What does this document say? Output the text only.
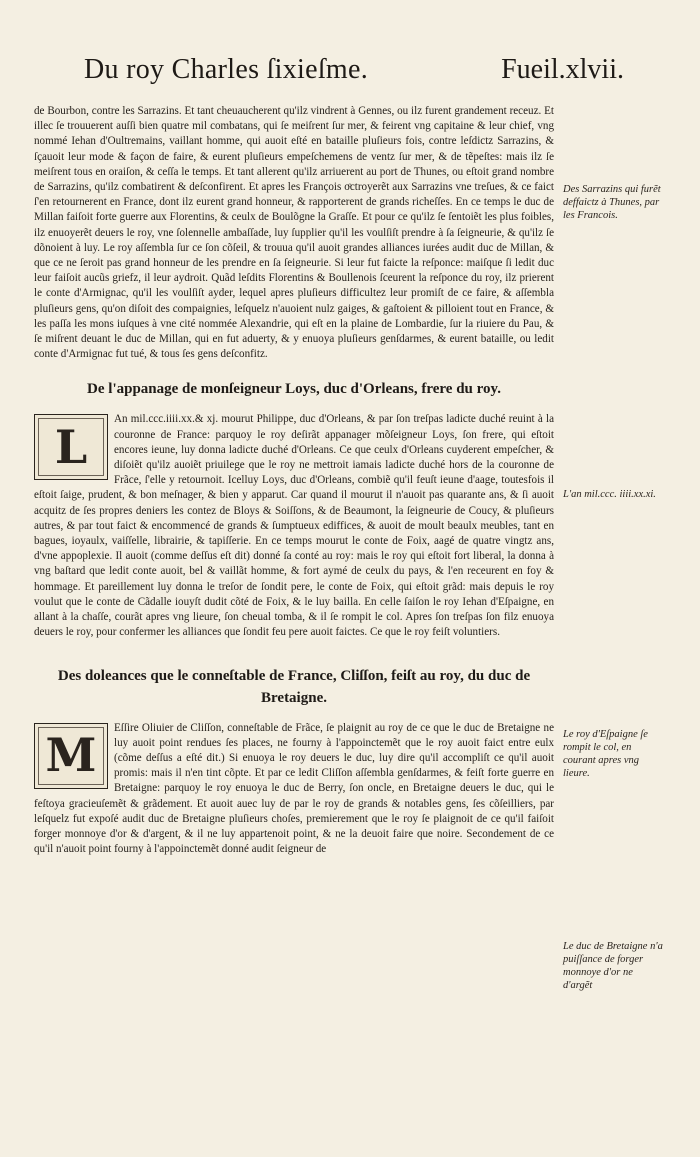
Du roy Charles ſixieſme.	Fueil.xlvii.

de Bourbon, contre les Sarrazins. Et tant cheuaucherent qu'ilz vindrent à Gennes, ou ilz furent grandement receuz. Et illec ſe trouuerent auſſi bien quatre mil combatans, qui ſe meiſrent ſur mer, & feirent vng capitaine & leur chief, vng nommé Iehan d'Oultremains, vaillant homme, qui auoit eſté en bataille pluſieurs fois, contre leſdictz Sarrazins, & ſçauoit leur mode & façon de faire, & eurent pluſieurs empeſchemens de ventz ſur mer, & de tẽpeſtes: mais ilz ſe meiſrent tous en oraiſon, & ceſſa le temps. Et tant allerent qu'ilz arriuerent au port de Thunes, ou eſtoit grand nombre de Sarrazins, qu'ilz combatirent & deſconfirent. Et apres les François oͦctroyerẽt aux Sarrazins vne treſues, & ce faict ſ'en retournerent en France, dont ilz eurent grand honneur, & rapporterent de grands richeſſes. En ce temps le duc de Millan faiſoit forte guerre aux Florentins, & ceulx de Boulõgne la Graſſe. Et pour ce qu'ilz ſe ſentoiẽt les plus foibles, ilz enuoyerẽt deuers le roy, vne ſolennelle ambaſſade, luy ſupplier qu'il les voulſiſt prendre à ſa ſeigneurie, & qu'ilz ſe dõnoient à luy. Le roy aſſembla ſur ce ſon cõſeil, & trouua qu'il auoit grandes alliances iurées audit duc de Millan, & que ce ne ſeroit pas grand honneur de les prendre en ſa ſeigneurie. Si leur fut faicte la reſponce: maiſque ſi ledit duc leur faiſoit aucũs griefz, il leur aydroit. Quãd leſdits Florentins & Boullenois ſceurent la reſponce du roy, ilz prierent le conte d'Armignac, qu'il les voulſiſt ayder, lequel apres pluſieurs difficultez leur promiſt de ce faire, & aſſembla pluſieurs gens, qu'on diſoit des compaignies, leſquelz n'auoient nulz gaiges, & gaſtoient & pilloient tout en France, & les paſſa les mons iuſques à vne cité nommée Alexandrie, qui eſt en la plaine de Lombardie, ſur la riuiere du Pau, & ſe miſrent deuant le duc de Millan, qui en fut aduerty, & y enuoya pluſieurs genſdarmes, & eurent bataille, ou ledit conte d'Armignac fut tué, & tous ſes gens deſconfitz.

De l'appanage de monſeigneur Loys, duc d'Orleans, frere du roy.
L

An mil.ccc.iiii.xx.& xj. mourut Philippe, duc d'Orleans, & par ſon treſpas ladicte duché reuint à la couronne de France: parquoy le roy deſirãt appanager mõſeigneur Loys, ſon frere, qui eſtoit encores ieune, luy donna ladicte duché d'Orleans. Ce que ceulx d'Orleans cuyderent empeſcher, & diſoiẽt qu'ilz auoiẽt priuilege que le roy ne mettroit iamais ladicte duché hors de la couronne de Frãce, ſ'elle y retournoit. Icelluy Loys, duc d'Orleans, combiẽ qu'il feuſt ieune d'aage, toutesfois il eſtoit ſaige, prudent, & bon meſnager, & bien y apparut. Car quand il mourut il n'auoit pas quarante ans, & ſi auoit acquitz de ſes propres deniers les contez de Bloys & Soiſſons, & de Beaumont, la ſeigneurie de Coucy, & pluſieurs autres, & par tout faict & encommencé de grands & ſumptueux ediffices, & auoit de moult beaulx meubles, tant en bagues, ioyaulx, vaiſſelle, librairie, & tapiſſerie. En ce temps mourut le conte de Foix, aagé de quatre vingtz ans, d'vne appoplexie. Il auoit (comme deſſus eſt dit) donné ſa conté au roy: mais le roy qui eſtoit fort liberal, la donna à vng baſtard que ledit conte auoit, bel & vaillãt homme, & fort aymé de ceulx du pays, & l'en receurent en foy & hommage. Et pareillement luy donna le treſor de ſondit pere, le conte de Foix, qui eſtoit grãd: mais depuis le roy voulut que le conte de Cãdalle iouyſt dudit cõté de Foix, & le luy bailla. En celle ſaiſon le roy Iehan d'Eſpaigne, en allant à la chaſſe, courãt apres vng lieure, ſon cheual tomba, & il ſe rompit le col. Apres ſon treſpas ſon filz enuoya deuers le roy, pour confermer les alliances que ſondit feu pere auoit faictes. Ce que le roy feiſt voluntiers.

Des doleances que le conneſtable de France, Cliſſon, feiſt au roy, du duc de Bretaigne.
M

Eſſire Oliuier de Cliſſon, conneſtable de Frãce, ſe plaignit au roy de ce que le duc de Bretaigne ne luy auoit point rendues ſes places, ne fourny à l'appoinctemẽt que le roy auoit faict entre eulx (cõme deſſus a eſté dit.) Si enuoya le roy deuers le duc, luy dire qu'il accompliſt ce qu'il auoit promis: mais il n'en tint cõpte. Et par ce ledit Cliſſon aſſembla genſdarmes, & feiſt forte guerre en Bretaigne: parquoy le roy enuoya le duc de Berry, ſon oncle, en Bretaigne deuers le duc, qui le feſtoya gracieuſemẽt & grãdement. Et auoit auec luy de par le roy de grands & notables gens, ſes cõſeilliers, par leſquelz fut expoſé audit duc de Bretaigne pluſieurs choſes, premierement que le roy ſe plaignoit de ce qu'il faiſoit forger monnoye d'or & d'argent, & il ne luy appartenoit point, & ne la deuoit faire que noire. Secondement de ce qu'il n'auoit point fourny à l'appoinctemẽt donné audit ſeigneur de

Des Sarrazins qui furẽt deffaictz à Thunes, par les Francois.
L'an mil.ccc. iiii.xx.xi.
Le roy d'Eſpaigne ſe rompit le col, en courant apres vng lieure.
Le duc de Bretaigne n'a puiſſance de forger monnoye d'or ne d'argẽt
